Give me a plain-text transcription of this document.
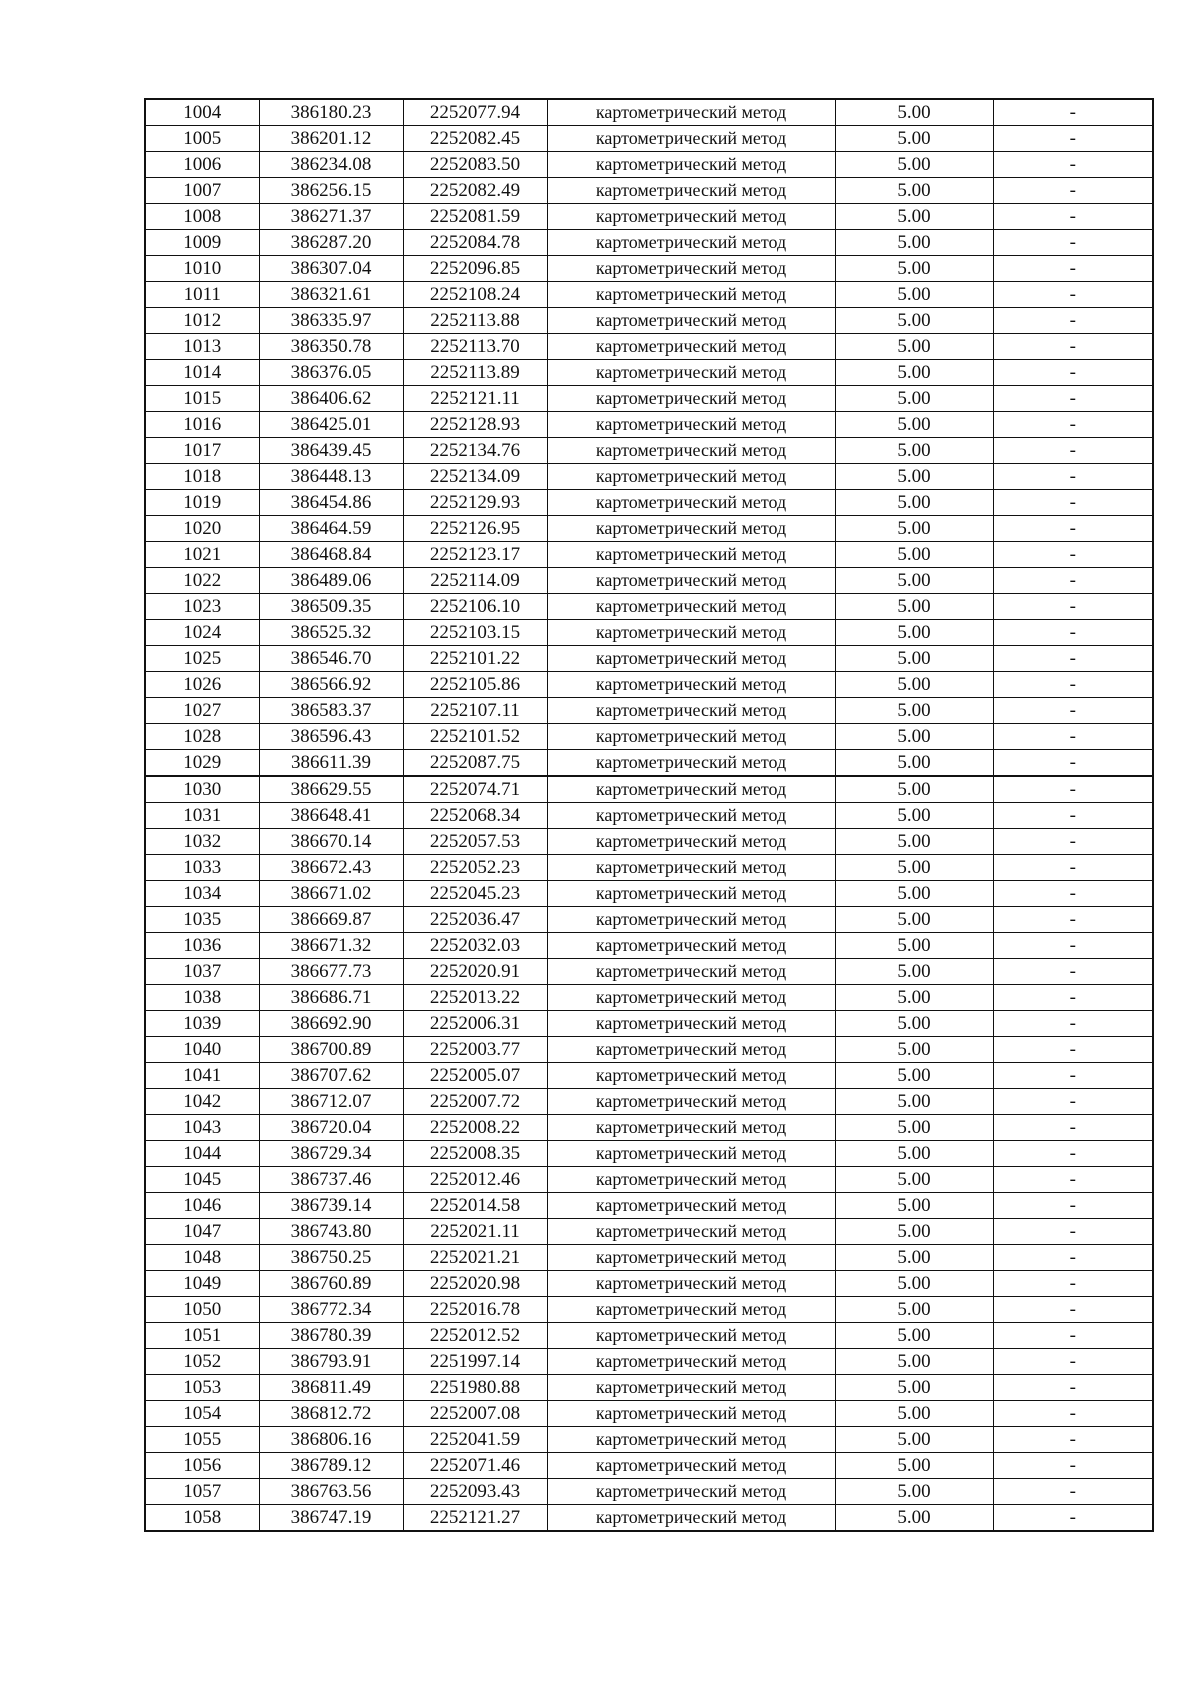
1004	386180.23	2252077.94	картометрический метод	5.00	-
1005	386201.12	2252082.45	картометрический метод	5.00	-
1006	386234.08	2252083.50	картометрический метод	5.00	-
1007	386256.15	2252082.49	картометрический метод	5.00	-
1008	386271.37	2252081.59	картометрический метод	5.00	-
1009	386287.20	2252084.78	картометрический метод	5.00	-
1010	386307.04	2252096.85	картометрический метод	5.00	-
1011	386321.61	2252108.24	картометрический метод	5.00	-
1012	386335.97	2252113.88	картометрический метод	5.00	-
1013	386350.78	2252113.70	картометрический метод	5.00	-
1014	386376.05	2252113.89	картометрический метод	5.00	-
1015	386406.62	2252121.11	картометрический метод	5.00	-
1016	386425.01	2252128.93	картометрический метод	5.00	-
1017	386439.45	2252134.76	картометрический метод	5.00	-
1018	386448.13	2252134.09	картометрический метод	5.00	-
1019	386454.86	2252129.93	картометрический метод	5.00	-
1020	386464.59	2252126.95	картометрический метод	5.00	-
1021	386468.84	2252123.17	картометрический метод	5.00	-
1022	386489.06	2252114.09	картометрический метод	5.00	-
1023	386509.35	2252106.10	картометрический метод	5.00	-
1024	386525.32	2252103.15	картометрический метод	5.00	-
1025	386546.70	2252101.22	картометрический метод	5.00	-
1026	386566.92	2252105.86	картометрический метод	5.00	-
1027	386583.37	2252107.11	картометрический метод	5.00	-
1028	386596.43	2252101.52	картометрический метод	5.00	-
1029	386611.39	2252087.75	картометрический метод	5.00	-
1030	386629.55	2252074.71	картометрический метод	5.00	-
1031	386648.41	2252068.34	картометрический метод	5.00	-
1032	386670.14	2252057.53	картометрический метод	5.00	-
1033	386672.43	2252052.23	картометрический метод	5.00	-
1034	386671.02	2252045.23	картометрический метод	5.00	-
1035	386669.87	2252036.47	картометрический метод	5.00	-
1036	386671.32	2252032.03	картометрический метод	5.00	-
1037	386677.73	2252020.91	картометрический метод	5.00	-
1038	386686.71	2252013.22	картометрический метод	5.00	-
1039	386692.90	2252006.31	картометрический метод	5.00	-
1040	386700.89	2252003.77	картометрический метод	5.00	-
1041	386707.62	2252005.07	картометрический метод	5.00	-
1042	386712.07	2252007.72	картометрический метод	5.00	-
1043	386720.04	2252008.22	картометрический метод	5.00	-
1044	386729.34	2252008.35	картометрический метод	5.00	-
1045	386737.46	2252012.46	картометрический метод	5.00	-
1046	386739.14	2252014.58	картометрический метод	5.00	-
1047	386743.80	2252021.11	картометрический метод	5.00	-
1048	386750.25	2252021.21	картометрический метод	5.00	-
1049	386760.89	2252020.98	картометрический метод	5.00	-
1050	386772.34	2252016.78	картометрический метод	5.00	-
1051	386780.39	2252012.52	картометрический метод	5.00	-
1052	386793.91	2251997.14	картометрический метод	5.00	-
1053	386811.49	2251980.88	картометрический метод	5.00	-
1054	386812.72	2252007.08	картометрический метод	5.00	-
1055	386806.16	2252041.59	картометрический метод	5.00	-
1056	386789.12	2252071.46	картометрический метод	5.00	-
1057	386763.56	2252093.43	картометрический метод	5.00	-
1058	386747.19	2252121.27	картометрический метод	5.00	-
